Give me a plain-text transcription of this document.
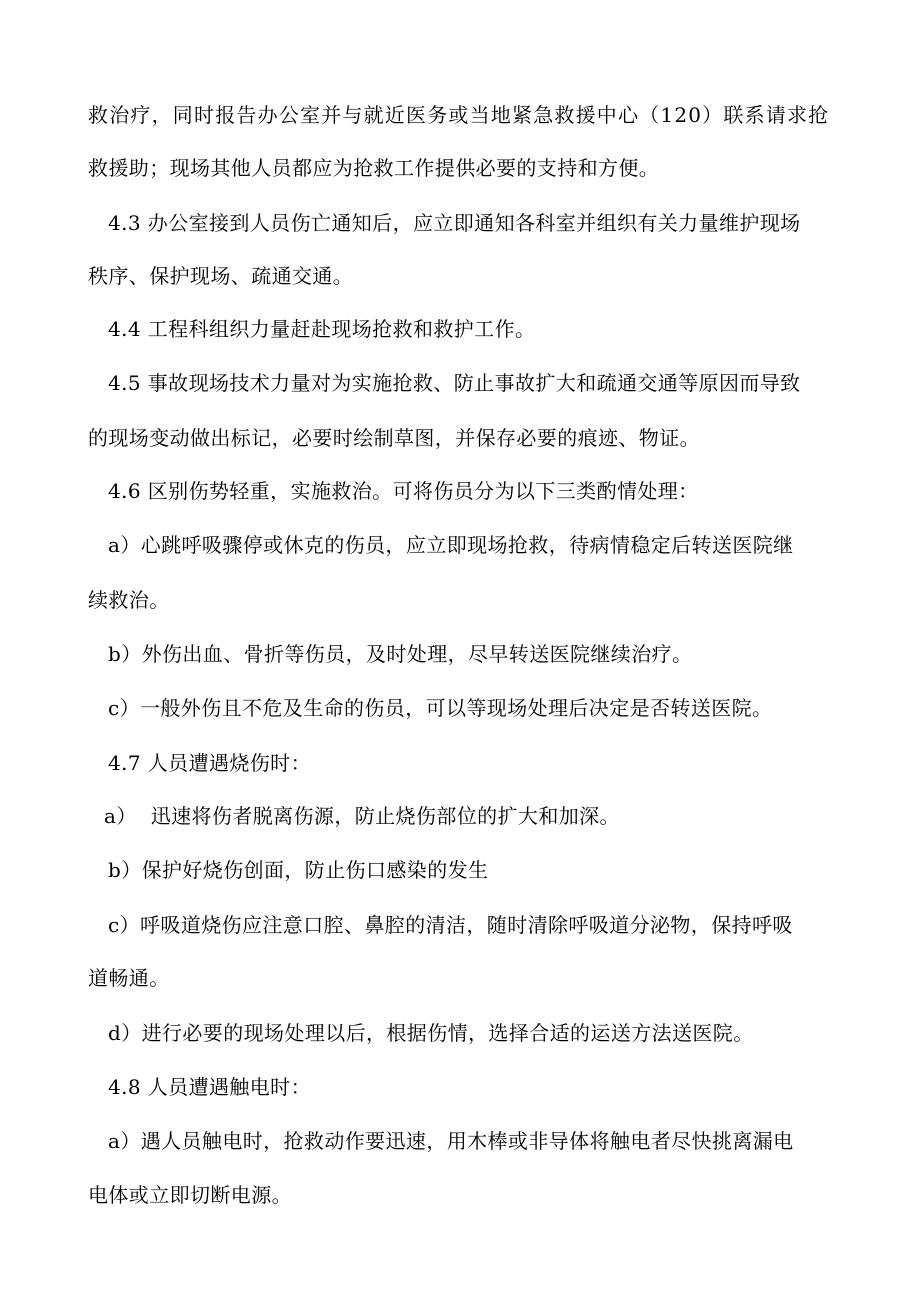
救治疗，同时报告办公室并与就近医务或当地紧急救援中心（120）联系请求抢
救援助；现场其他人员都应为抢救工作提供必要的支持和方便。
4.3 办公室接到人员伤亡通知后，应立即通知各科室并组织有关力量维护现场
秩序、保护现场、疏通交通。
4.4 工程科组织力量赶赴现场抢救和救护工作。
4.5 事故现场技术力量对为实施抢救、防止事故扩大和疏通交通等原因而导致
的现场变动做出标记，必要时绘制草图，并保存必要的痕迹、物证。
4.6 区别伤势轻重，实施救治。可将伤员分为以下三类酌情处理：
a）心跳呼吸骤停或休克的伤员，应立即现场抢救，待病情稳定后转送医院继
续救治。
b）外伤出血、骨折等伤员，及时处理，尽早转送医院继续治疗。
c）一般外伤且不危及生命的伤员，可以等现场处理后决定是否转送医院。
4.7 人员遭遇烧伤时：
a） 迅速将伤者脱离伤源，防止烧伤部位的扩大和加深。
b）保护好烧伤创面，防止伤口感染的发生
c）呼吸道烧伤应注意口腔、鼻腔的清洁，随时清除呼吸道分泌物，保持呼吸
道畅通。
d）进行必要的现场处理以后，根据伤情，选择合适的运送方法送医院。
4.8 人员遭遇触电时：
a）遇人员触电时，抢救动作要迅速，用木棒或非导体将触电者尽快挑离漏电
电体或立即切断电源。
